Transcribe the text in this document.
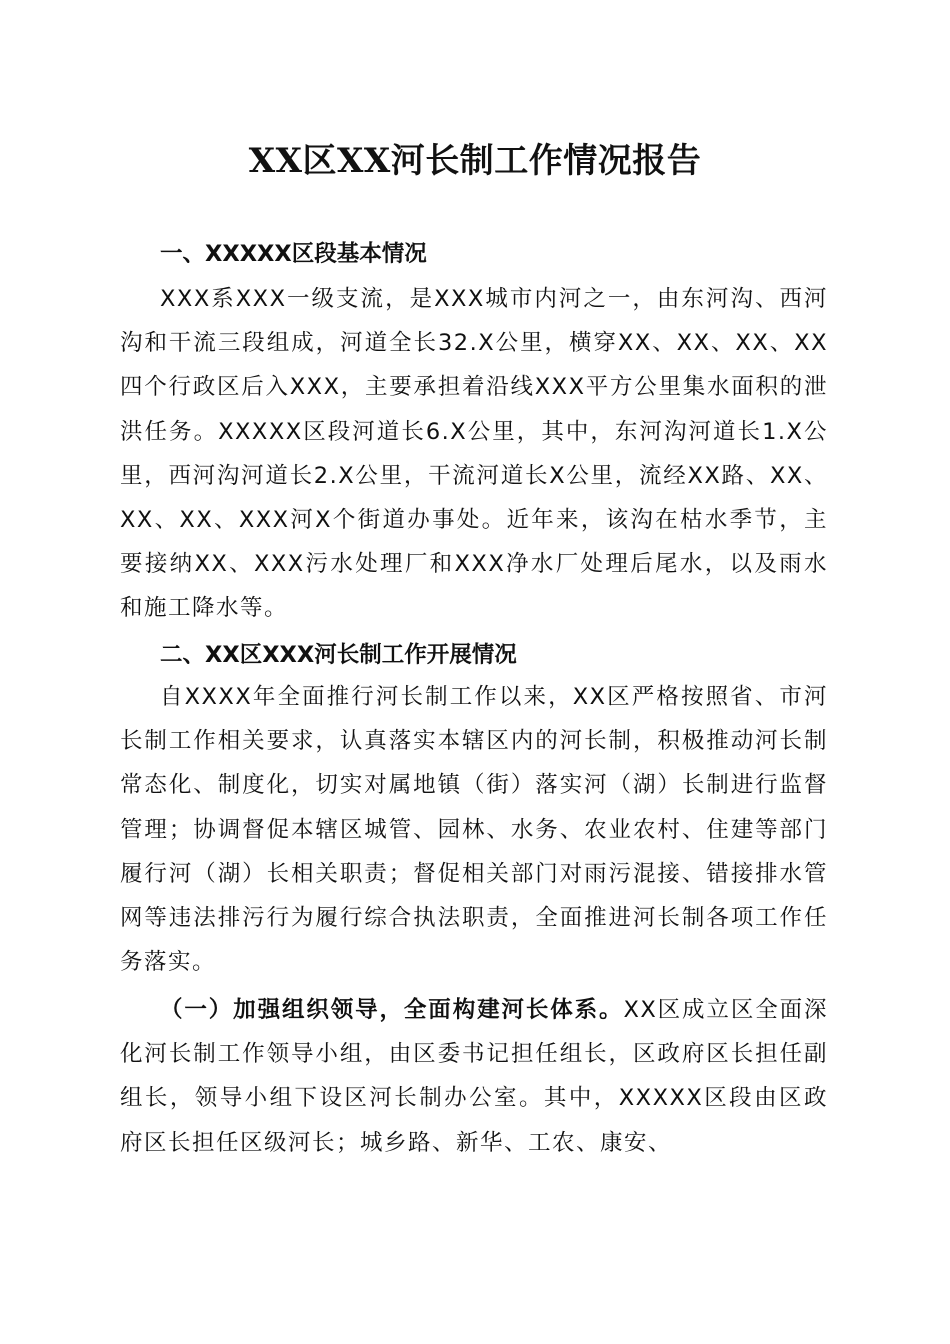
XX区XX河长制工作情况报告
一、XXXXX区段基本情况

XXX系XXX一级支流，是XXX城市内河之一，由东河沟、西河沟和干流三段组成，河道全长32.X公里，横穿XX、XX、XX、XX四个行政区后入XXX，主要承担着沿线XXX平方公里集水面积的泄洪任务。XXXXX区段河道长6.X公里，其中，东河沟河道长1.X公里，西河沟河道长2.X公里，干流河道长X公里，流经XX路、XX、XX、XX、XXX河X个街道办事处。近年来，该沟在枯水季节，主要接纳XX、XXX污水处理厂和XXX净水厂处理后尾水，以及雨水和施工降水等。

二、XX区XXX河长制工作开展情况

自XXXX年全面推行河长制工作以来，XX区严格按照省、市河长制工作相关要求，认真落实本辖区内的河长制，积极推动河长制常态化、制度化，切实对属地镇（街）落实河（湖）长制进行监督管理；协调督促本辖区城管、园林、水务、农业农村、住建等部门履行河（湖）长相关职责；督促相关部门对雨污混接、错接排水管网等违法排污行为履行综合执法职责，全面推进河长制各项工作任务落实。

（一）加强组织领导，全面构建河长体系。XX区成立区全面深化河长制工作领导小组，由区委书记担任组长，区政府区长担任副组长，领导小组下设区河长制办公室。其中，XXXXX区段由区政府区长担任区级河长；城乡路、新华、工农、康安、
